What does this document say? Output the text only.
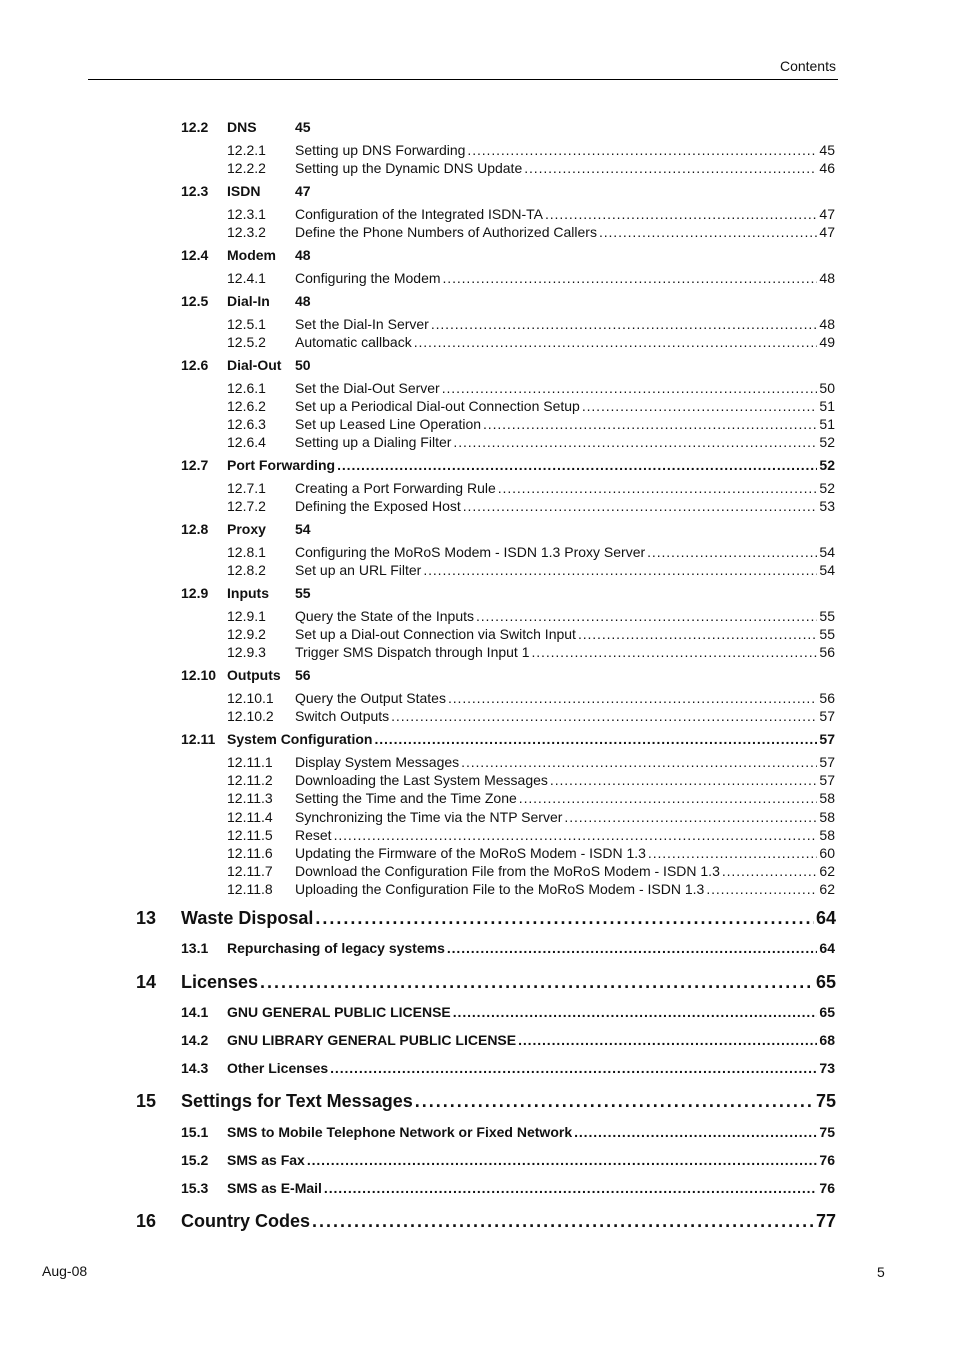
Contents
12.2	DNS	45
12.2.1	Setting up DNS Forwarding . . .	45
12.2.2	Setting up the Dynamic DNS Update . . .	46
12.3	ISDN	47
12.3.1	Configuration of the Integrated ISDN-TA . . .	47
12.3.2	Define the Phone Numbers of Authorized Callers . . .	47
12.4	Modem	48
12.4.1	Configuring the Modem . . .	48
12.5	Dial-In	48
12.5.1	Set the Dial-In Server . . .	48
12.5.2	Automatic callback . . .	49
12.6	Dial-Out 50
12.6.1	Set the Dial-Out Server . . .	50
12.6.2	Set up a Periodical Dial-out Connection Setup . . .	51
12.6.3	Set up Leased Line Operation . . .	51
12.6.4	Setting up a Dialing Filter . . .	52
12.7	Port Forwarding . . .	52
12.7.1	Creating a Port Forwarding Rule . . .	52
12.7.2	Defining the Exposed Host . . .	53
12.8	Proxy	54
12.8.1	Configuring the MoRoS Modem - ISDN 1.3 Proxy Server . . .	54
12.8.2	Set up an URL Filter . . .	54
12.9	Inputs	55
12.9.1	Query the State of the Inputs . . .	55
12.9.2	Set up a Dial-out Connection via Switch Input . . .	55
12.9.3	Trigger SMS Dispatch through Input 1 . . .	56
12.10 Outputs	56
12.10.1	Query the Output States . . .	56
12.10.2	Switch Outputs . . .	57
12.11 System Configuration . . .	57
12.11.1	Display System Messages . . .	57
12.11.2	Downloading the Last System Messages . . .	57
12.11.3	Setting the Time and the Time Zone . . .	58
12.11.4	Synchronizing the Time via the NTP Server . . .	58
12.11.5	Reset . . .	58
12.11.6	Updating the Firmware of the MoRoS Modem - ISDN 1.3 . . .	60
12.11.7	Download the Configuration File from the MoRoS Modem - ISDN 1.3 . . .	62
12.11.8	Uploading the Configuration File to the MoRoS Modem - ISDN 1.3 . . .	62
13	Waste Disposal . . .	64
13.1	Repurchasing of legacy systems . . .	64
14	Licenses . . .	65
14.1	GNU GENERAL PUBLIC LICENSE . . .	65
14.2	GNU LIBRARY GENERAL PUBLIC LICENSE . . .	68
14.3	Other Licenses . . .	73
15	Settings for Text Messages . . .	75
15.1	SMS to Mobile Telephone Network or Fixed Network . . .	75
15.2	SMS as Fax . . .	76
15.3	SMS as E-Mail . . .	76
16	Country Codes . . .	77
Aug-08	5
